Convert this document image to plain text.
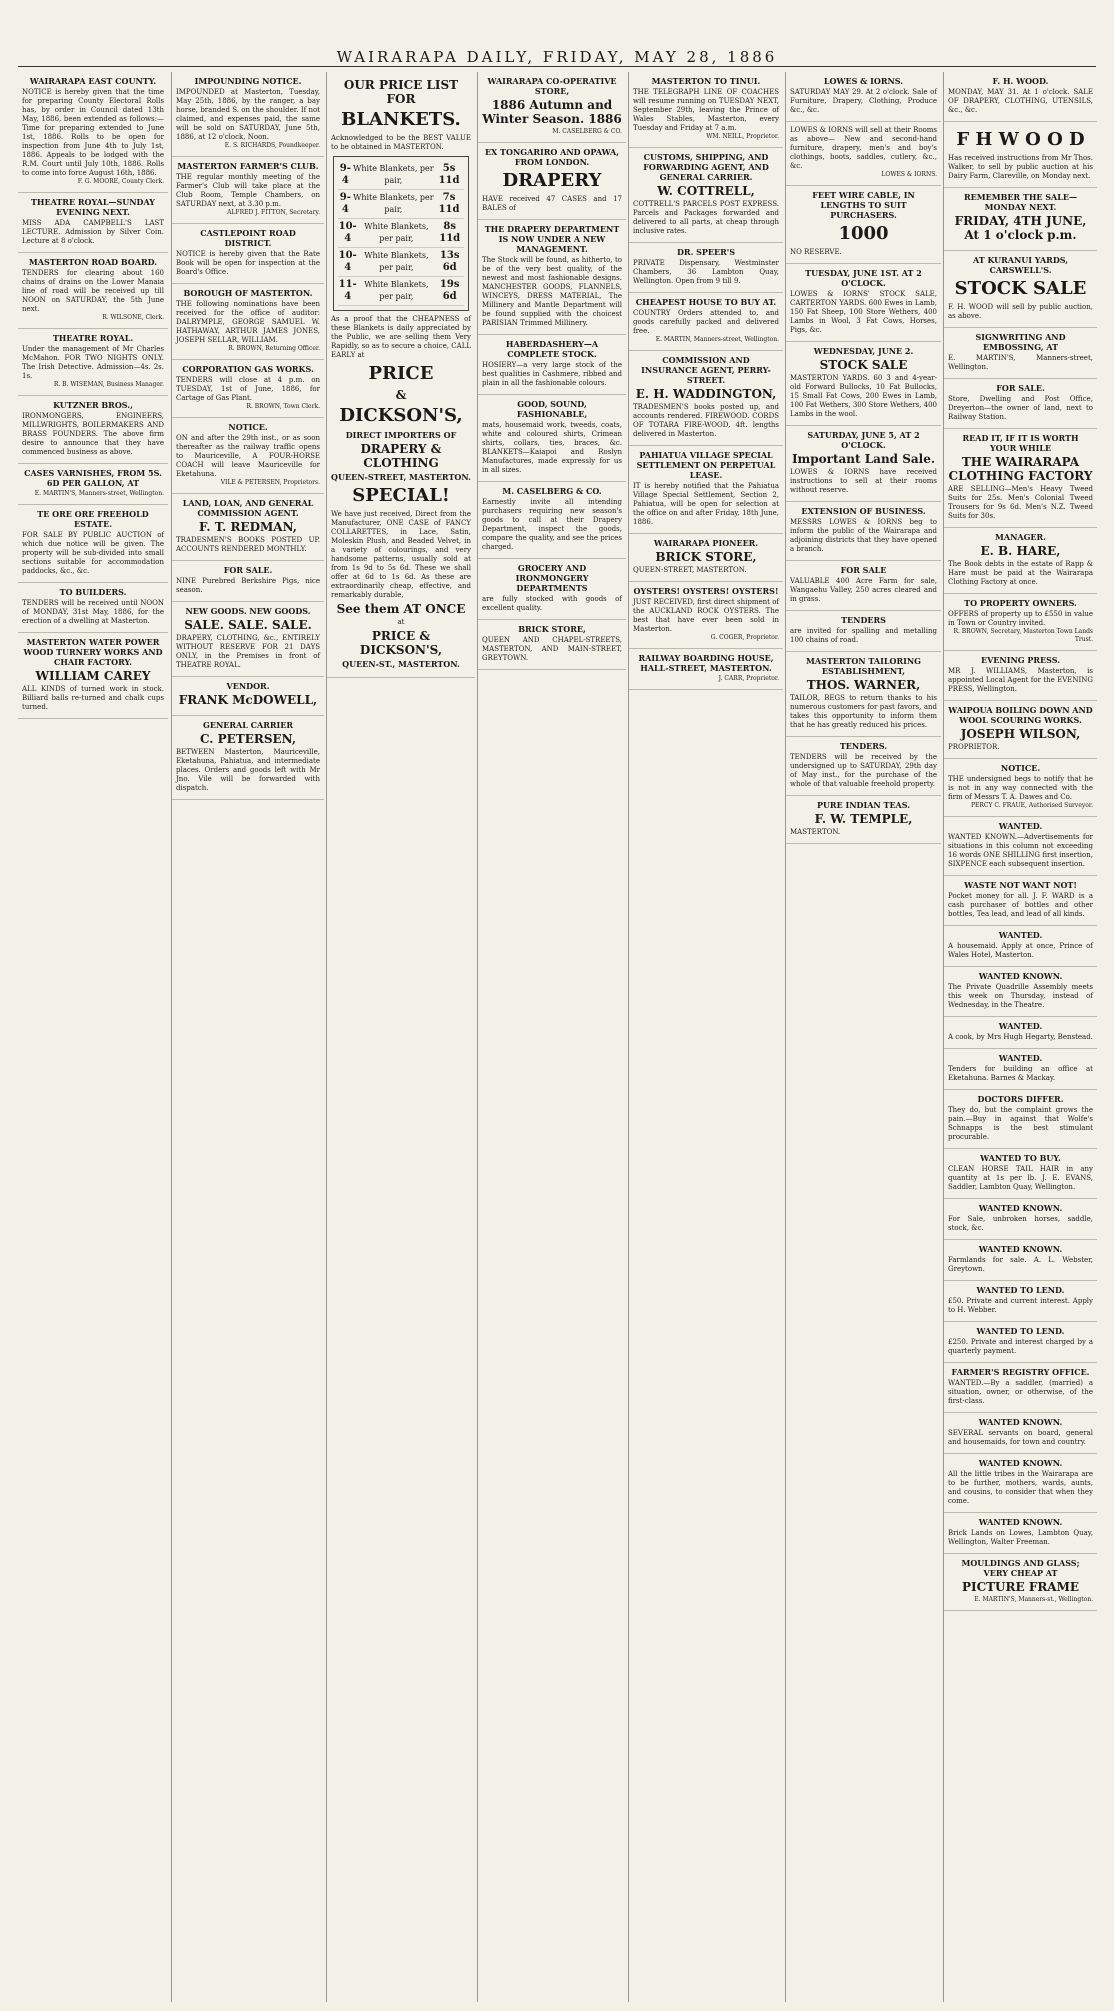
WAIRARAPA DAILY, FRIDAY, MAY 28, 1886
WAIRARAPA EAST COUNTY.
NOTICE is hereby given that the time for preparing County Electoral Rolls has, by order in Council dated 13th May, 1886, been extended as follows:— Time for preparing extended to June 1st, 1886. Rolls to be open for inspection from June 4th to July 1st, 1886. Appeals to be lodged with the R.M. Court until July 10th, 1886. Rolls to come into force August 16th, 1886.
F. G. MOORE, County Clerk.
THEATRE ROYAL—SUNDAY EVENING NEXT.
MISS ADA CAMPBELL'S LAST LECTURE. Admission by Silver Coin. Lecture at 8 o'clock.
MASTERTON ROAD BOARD.
TENDERS for clearing about 160 chains of drains on the Lower Manaia line of road will be received up till NOON on SATURDAY, the 5th June next.
R. WILSONE, Clerk.
THEATRE ROYAL.
Under the management of Mr Charles McMahon. FOR TWO NIGHTS ONLY. The Irish Detective. Admission—4s. 2s. 1s.
R. B. WISEMAN, Business Manager.
KUTZNER BROS.,
IRONMONGERS, ENGINEERS, MILLWRIGHTS, BOILERMAKERS AND BRASS FOUNDERS. The above firm desire to announce that they have commenced business as above.
CASES VARNISHES, FROM 5S. 6D PER GALLON, AT
E. MARTIN'S, Manners-street, Wellington.
TE ORE ORE FREEHOLD ESTATE.
FOR SALE BY PUBLIC AUCTION of which due notice will be given. The property will be sub-divided into small sections suitable for accommodation paddocks, &c., &c.
TO BUILDERS.
TENDERS will be received until NOON of MONDAY, 31st May, 1886, for the erection of a dwelling at Masterton.
MASTERTON WATER POWER WOOD TURNERY WORKS AND CHAIR FACTORY.
WILLIAM CAREY
ALL KINDS of turned work in stock. Billiard balls re-turned and chalk cups turned.
IMPOUNDING NOTICE.
IMPOUNDED at Masterton, Tuesday, May 25th, 1886, by the ranger, a bay horse, branded S. on the shoulder. If not claimed, and expenses paid, the same will be sold on SATURDAY, June 5th, 1886, at 12 o'clock, Noon.
E. S. RICHARDS, Poundkeeper.
MASTERTON FARMER'S CLUB.
THE regular monthly meeting of the Farmer's Club will take place at the Club Room, Temple Chambers, on SATURDAY next, at 3.30 p.m.
ALFRED J. FITTON, Secretary.
CASTLEPOINT ROAD DISTRICT.
NOTICE is hereby given that the Rate Book will be open for inspection at the Board's Office.
BOROUGH OF MASTERTON.
THE following nominations have been received for the office of auditor: DALRYMPLE, GEORGE SAMUEL W. HATHAWAY, ARTHUR JAMES JONES, JOSEPH SELLAR, WILLIAM.
R. BROWN, Returning Officer.
CORPORATION GAS WORKS.
TENDERS will close at 4 p.m. on TUESDAY, 1st of June, 1886, for Cartage of Gas Plant.
R. BROWN, Town Clerk.
NOTICE.
ON and after the 29th inst., or as soon thereafter as the railway traffic opens to Mauriceville, A FOUR-HORSE COACH will leave Mauriceville for Eketahuna.
VILE & PETERSEN, Proprietors.
LAND, LOAN, AND GENERAL COMMISSION AGENT.
F. T. REDMAN,
TRADESMEN'S BOOKS POSTED UP. ACCOUNTS RENDERED MONTHLY.
FOR SALE.
NINE Purebred Berkshire Pigs, nice season.
NEW GOODS. NEW GOODS.
SALE. SALE. SALE.
DRAPERY, CLOTHING, &c., ENTIRELY WITHOUT RESERVE FOR 21 DAYS ONLY, in the Premises in front of THEATRE ROYAL.
VENDOR.
FRANK McDOWELL,
GENERAL CARRIER
C. PETERSEN,
BETWEEN Masterton, Mauriceville, Eketahuna, Pahiatua, and intermediate places. Orders and goods left with Mr Jno. Vile will be forwarded with dispatch.
OUR PRICE LIST FOR
BLANKETS.
Acknowledged to be the BEST VALUE to be obtained in MASTERTON.
9-4
White Blankets, per pair,
5s 11d
9-4
White Blankets, per pair,
7s 11d
10-4
White Blankets, per pair,
8s 11d
10-4
White Blankets, per pair,
13s 6d
11-4
White Blankets, per pair,
19s 6d
As a proof that the CHEAPNESS of these Blankets is daily appreciated by the Public, we are selling them Very Rapidly, so as to secure a choice, CALL EARLY at
PRICE
&
DICKSON'S,
DIRECT IMPORTERS OF
DRAPERY & CLOTHING
QUEEN-STREET, MASTERTON.
SPECIAL!
We have just received, Direct from the Manufacturer, ONE CASE of FANCY COLLARETTES, in Lace, Satin, Moleskin Plush, and Beaded Velvet, in a variety of colourings, and very handsome patterns, usually sold at from 1s 9d to 5s 6d. These we shall offer at 6d to 1s 6d. As these are extraordinarily cheap, effective, and remarkably durable,
See them AT ONCE
at
PRICE & DICKSON'S,
QUEEN-ST., MASTERTON.
WAIRARAPA CO-OPERATIVE STORE,
1886 Autumn and Winter Season. 1886
M. CASELBERG & CO.
EX TONGARIRO AND OPAWA, FROM LONDON.
DRAPERY
HAVE received 47 CASES and 17 BALES of
THE DRAPERY DEPARTMENT IS NOW UNDER A NEW MANAGEMENT.
The Stock will be found, as hitherto, to be of the very best quality, of the newest and most fashionable designs. MANCHESTER GOODS, FLANNELS, WINCEYS, DRESS MATERIAL, The Millinery and Mantle Department will be found supplied with the choicest PARISIAN Trimmed Millinery.
HABERDASHERY—A COMPLETE STOCK.
HOSIERY—a very large stock of the best qualities in Cashmere, ribbed and plain in all the fashionable colours.
GOOD, SOUND, FASHIONABLE,
mats, housemaid work, tweeds, coats, white and coloured shirts, Crimean shirts, collars, ties, braces, &c. BLANKETS—Kaiapoi and Roslyn Manufactures, made expressly for us in all sizes.
M. CASELBERG & CO.
Earnestly invite all intending purchasers requiring new season's goods to call at their Drapery Department, inspect the goods, compare the quality, and see the prices charged.
GROCERY AND IRONMONGERY DEPARTMENTS
are fully stocked with goods of excellent quality.
BRICK STORE,
QUEEN AND CHAPEL-STREETS, MASTERTON, AND MAIN-STREET, GREYTOWN.
MASTERTON TO TINUI.
THE TELEGRAPH LINE OF COACHES will resume running on TUESDAY NEXT, September 29th, leaving the Prince of Wales Stables, Masterton, every Tuesday and Friday at 7 a.m.
WM. NEILL, Proprietor.
CUSTOMS, SHIPPING, AND FORWARDING AGENT, AND GENERAL CARRIER.
W. COTTRELL,
COTTRELL'S PARCELS POST EXPRESS. Parcels and Packages forwarded and delivered to all parts, at cheap through inclusive rates.
DR. SPEER'S
PRIVATE Dispensary, Westminster Chambers, 36 Lambton Quay, Wellington. Open from 9 till 9.
CHEAPEST HOUSE TO BUY AT.
COUNTRY Orders attended to, and goods carefully packed and delivered free.
E. MARTIN, Manners-street, Wellington.
COMMISSION AND INSURANCE AGENT, PERRY-STREET.
E. H. WADDINGTON,
TRADESMEN'S books posted up, and accounts rendered. FIREWOOD. CORDS OF TOTARA FIRE-WOOD, 4ft. lengths delivered in Masterton.
PAHIATUA VILLAGE SPECIAL SETTLEMENT ON PERPETUAL LEASE.
IT is hereby notified that the Pahiatua Village Special Settlement, Section 2, Pahiatua, will be open for selection at the office on and after Friday, 18th June, 1886.
WAIRARAPA PIONEER.
BRICK STORE,
QUEEN-STREET, MASTERTON.
OYSTERS! OYSTERS! OYSTERS!
JUST RECEIVED, first direct shipment of the AUCKLAND ROCK OYSTERS. The best that have ever been sold in Masterton.
G. COGER, Proprietor.
RAILWAY BOARDING HOUSE, HALL-STREET, MASTERTON.
J. CARR, Proprietor.
LOWES & IORNS.
SATURDAY MAY 29. At 2 o'clock. Sale of Furniture, Drapery, Clothing, Produce &c., &c.
LOWES & IORNS will sell at their Rooms as above— New and second-hand furniture, drapery, men's and boy's clothings, boots, saddles, cutlery, &c., &c.
LOWES & IORNS.
FEET WIRE CABLE, IN LENGTHS TO SUIT PURCHASERS.
1000
NO RESERVE.
TUESDAY, JUNE 1ST. AT 2 O'CLOCK.
LOWES & IORNS' STOCK SALE, CARTERTON YARDS. 600 Ewes in Lamb, 150 Fat Sheep, 100 Store Wethers, 400 Lambs in Wool, 3 Fat Cows, Horses, Pigs, &c.
WEDNESDAY, JUNE 2.
STOCK SALE
MASTERTON YARDS. 60 3 and 4-year-old Forward Bullocks, 10 Fat Bullocks, 15 Small Fat Cows, 200 Ewes in Lamb, 100 Fat Wethers, 300 Store Wethers, 400 Lambs in the wool.
SATURDAY, JUNE 5, AT 2 O'CLOCK.
Important Land Sale.
LOWES & IORNS have received instructions to sell at their rooms without reserve.
EXTENSION OF BUSINESS.
MESSRS LOWES & IORNS beg to inform the public of the Wairarapa and adjoining districts that they have opened a branch.
FOR SALE
VALUABLE 400 Acre Farm for sale, Wangaehu Valley, 250 acres cleared and in grass.
TENDERS
are invited for spalling and metalling 100 chains of road.
MASTERTON TAILORING ESTABLISHMENT,
THOS. WARNER,
TAILOR, BEGS to return thanks to his numerous customers for past favors, and takes this opportunity to inform them that he has greatly reduced his prices.
TENDERS.
TENDERS will be received by the undersigned up to SATURDAY, 29th day of May inst., for the purchase of the whole of that valuable freehold property.
PURE INDIAN TEAS.
F. W. TEMPLE,
MASTERTON.
F. H. WOOD.
MONDAY, MAY 31. At 1 o'clock. SALE OF DRAPERY, CLOTHING, UTENSILS, &c., &c.
F H W O O D
Has received instructions from Mr Thos. Walker, to sell by public auction at his Dairy Farm, Clareville, on Monday next.
REMEMBER THE SALE—MONDAY NEXT.
FRIDAY, 4TH JUNE, At 1 o'clock p.m.
AT KURANUI YARDS, CARSWELL'S.
STOCK SALE
F. H. WOOD will sell by public auction, as above.
SIGNWRITING AND EMBOSSING, AT
E. MARTIN'S, Manners-street, Wellington.
FOR SALE.
Store, Dwelling and Post Office, Dreyerton—the owner of land, next to Railway Station.
READ IT, IF IT IS WORTH YOUR WHILE
THE WAIRARAPA CLOTHING FACTORY
ARE SELLING—Men's Heavy Tweed Suits for 25s. Men's Colonial Tweed Trousers for 9s 6d. Men's N.Z. Tweed Suits for 30s.
MANAGER.
E. B. HARE,
The Book debts in the estate of Rapp & Hare must be paid at the Wairarapa Clothing Factory at once.
TO PROPERTY OWNERS.
OFFERS of property up to £550 in value in Town or Country invited.
R. BROWN, Secretary, Masterton Town Lands Trust.
EVENING PRESS.
MR J. WILLIAMS, Masterton, is appointed Local Agent for the EVENING PRESS, Wellington.
WAIPOUA BOILING DOWN AND WOOL SCOURING WORKS.
JOSEPH WILSON,
PROPRIETOR.
NOTICE.
THE undersigned begs to notify that he is not in any way connected with the firm of Messrs T. A. Dawes and Co.
PERCY C. FRAUE, Authorised Surveyor.
WANTED.
WANTED KNOWN.—Advertisements for situations in this column not exceeding 16 words ONE SHILLING first insertion, SIXPENCE each subsequent insertion.
WASTE NOT WANT NOT!
Pocket money for all. J. F. WARD is a cash purchaser of bottles and other bottles, Tea lead, and lead of all kinds.
WANTED.
A housemaid. Apply at once, Prince of Wales Hotel, Masterton.
WANTED KNOWN.
The Private Quadrille Assembly meets this week on Thursday, instead of Wednesday, in the Theatre.
WANTED.
A cook, by Mrs Hugh Hegarty, Benstead.
WANTED.
Tenders for building an office at Eketahuna. Barnes & Mackay.
DOCTORS DIFFER.
They do, but the complaint grows the pain.—Buy in against that Wolfe's Schnapps is the best stimulant procurable.
WANTED TO BUY.
CLEAN HORSE TAIL HAIR in any quantity at 1s per lb. J. E. EVANS, Saddler, Lambton Quay, Wellington.
WANTED KNOWN.
For Sale, unbroken horses, saddle, stock, &c.
WANTED KNOWN.
Farmlands for sale. A. L. Webster, Greytown.
WANTED TO LEND.
£50. Private and current interest. Apply to H. Webber.
WANTED TO LEND.
£250. Private and interest charged by a quarterly payment.
FARMER'S REGISTRY OFFICE.
WANTED.—By a saddler, (married) a situation, owner, or otherwise, of the first-class.
WANTED KNOWN.
SEVERAL servants on board, general and housemaids, for town and country.
WANTED KNOWN.
All the little tribes in the Wairarapa are to be further, mothers, wards, aunts, and cousins, to consider that when they come.
WANTED KNOWN.
Brick Lands on Lowes, Lambton Quay, Wellington, Walter Freeman.
MOULDINGS AND GLASS; VERY CHEAP AT
PICTURE FRAME
E. MARTIN'S, Manners-st., Wellington.
